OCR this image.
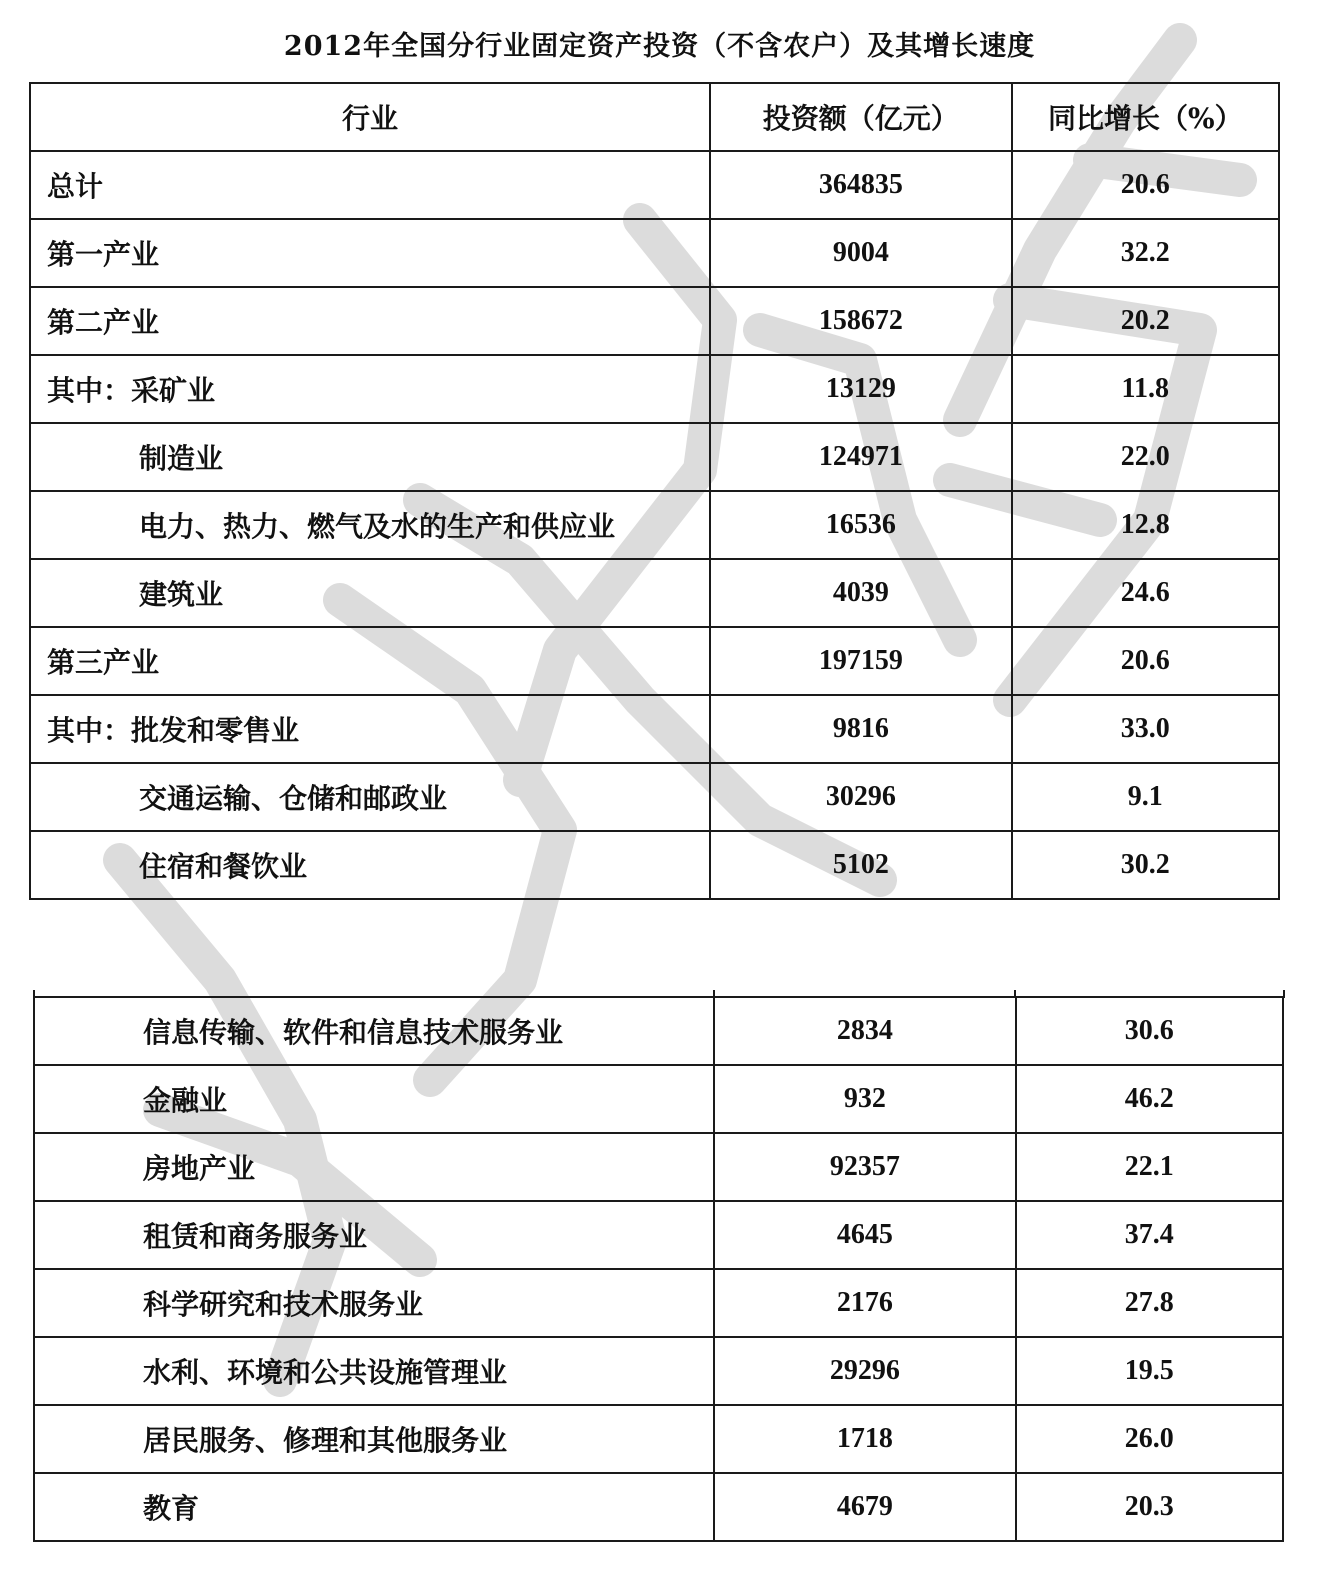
2012年全国分行业固定资产投资（不含农户）及其增长速度
行业	投资额（亿元）	同比增长（%）
总计	364835	20.6
第一产业	9004	32.2
第二产业	158672	20.2
其中：采矿业	13129	11.8
制造业	124971	22.0
电力、热力、燃气及水的生产和供应业	16536	12.8
建筑业	4039	24.6
第三产业	197159	20.6
其中：批发和零售业	9816	33.0
交通运输、仓储和邮政业	30296	9.1
住宿和餐饮业	5102	30.2
信息传输、软件和信息技术服务业	2834	30.6
金融业	932	46.2
房地产业	92357	22.1
租赁和商务服务业	4645	37.4
科学研究和技术服务业	2176	27.8
水利、环境和公共设施管理业	29296	19.5
居民服务、修理和其他服务业	1718	26.0
教育	4679	20.3
